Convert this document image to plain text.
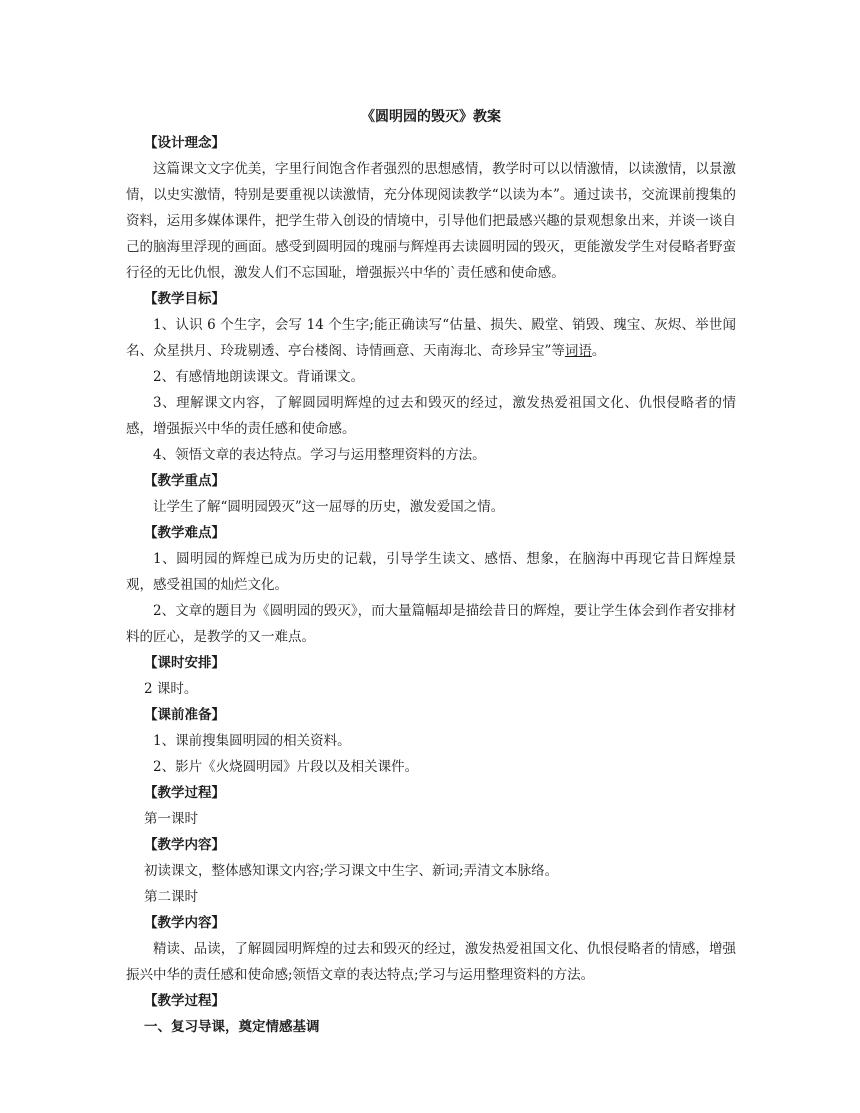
《圆明园的毁灭》教案

【设计理念】

这篇课文文字优美，字里行间饱含作者强烈的思想感情，教学时可以以情激情，以读激情，以景激情，以史实激情，特别是要重视以读激情，充分体现阅读教学“以读为本”。通过读书，交流课前搜集的资料，运用多媒体课件，把学生带入创设的情境中，引导他们把最感兴趣的景观想象出来，并谈一谈自己的脑海里浮现的画面。感受到圆明园的瑰丽与辉煌再去读圆明园的毁灭，更能激发学生对侵略者野蛮行径的无比仇恨，激发人们不忘国耻，增强振兴中华的`责任感和使命感。

【教学目标】

1、认识 6 个生字，会写 14 个生字;能正确读写“估量、损失、殿堂、销毁、瑰宝、灰烬、举世闻名、众星拱月、玲珑剔透、亭台楼阁、诗情画意、天南海北、奇珍异宝”等词语。

2、有感情地朗读课文。背诵课文。

3、理解课文内容，了解圆园明辉煌的过去和毁灭的经过，激发热爱祖国文化、仇恨侵略者的情感，增强振兴中华的责任感和使命感。

4、领悟文章的表达特点。学习与运用整理资料的方法。

【教学重点】

让学生了解“圆明园毁灭”这一屈辱的历史，激发爱国之情。

【教学难点】

1、圆明园的辉煌已成为历史的记载，引导学生读文、感悟、想象，在脑海中再现它昔日辉煌景观，感受祖国的灿烂文化。

2、文章的题目为《圆明园的毁灭》，而大量篇幅却是描绘昔日的辉煌，要让学生体会到作者安排材料的匠心，是教学的又一难点。

【课时安排】

2 课时。

【课前准备】

1、课前搜集圆明园的相关资料。

2、影片《火烧圆明园》片段以及相关课件。

【教学过程】

第一课时

【教学内容】

初读课文，整体感知课文内容;学习课文中生字、新词;弄清文本脉络。

第二课时

【教学内容】

精读、品读，了解圆园明辉煌的过去和毁灭的经过，激发热爱祖国文化、仇恨侵略者的情感，增强振兴中华的责任感和使命感;领悟文章的表达特点;学习与运用整理资料的方法。

【教学过程】

一、复习导课，奠定情感基调
